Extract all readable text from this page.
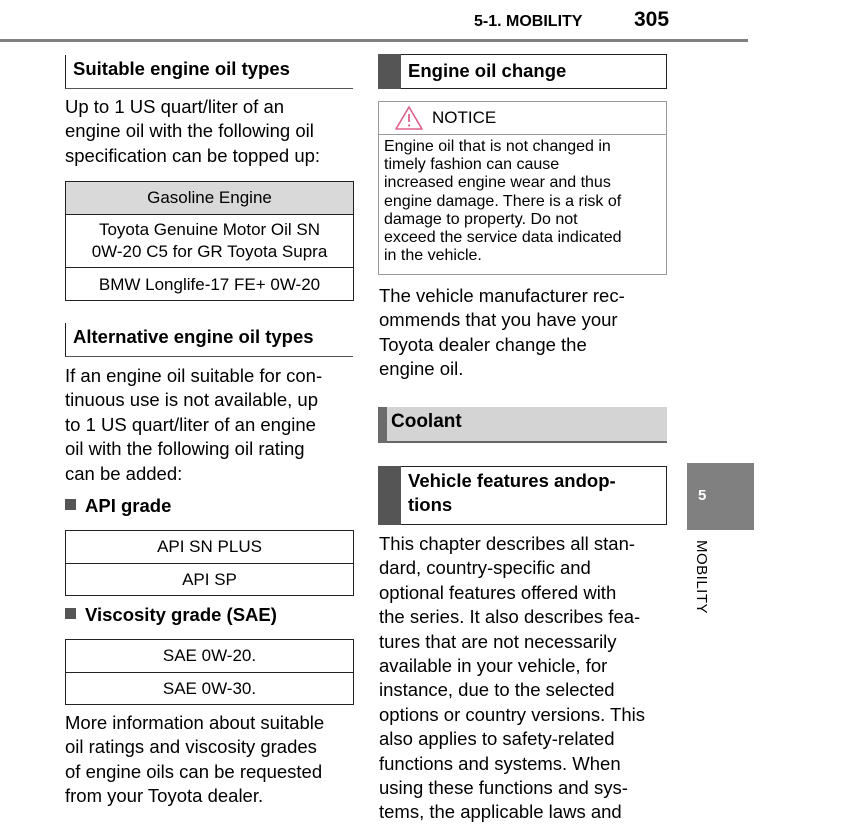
5-1. MOBILITY 305
Suitable engine oil types
Up to 1 US quart/liter of an
engine oil with the following oil
specification can be topped up:
Gasoline Engine
Toyota Genuine Motor Oil SN
0W-20 C5 for GR Toyota Supra
BMW Longlife-17 FE+ 0W-20
Alternative engine oil types
If an engine oil suitable for con-
tinuous use is not available, up
to 1 US quart/liter of an engine
oil with the following oil rating
can be added:
API grade
API SN PLUS
API SP
Viscosity grade (SAE)
SAE 0W-20.
SAE 0W-30.
More information about suitable
oil ratings and viscosity grades
of engine oils can be requested
from your Toyota dealer.
Engine oil change
NOTICE
Engine oil that is not changed in
timely fashion can cause
increased engine wear and thus
engine damage. There is a risk of
damage to property. Do not
exceed the service data indicated
in the vehicle.
The vehicle manufacturer rec-
ommends that you have your
Toyota dealer change the
engine oil.
Coolant
Vehicle features andop-
tions
This chapter describes all stan-
dard, country-specific and
optional features offered with
the series. It also describes fea-
tures that are not necessarily
available in your vehicle, for
instance, due to the selected
options or country versions. This
also applies to safety-related
functions and systems. When
using these functions and sys-
tems, the applicable laws and
5
MOBILITY
